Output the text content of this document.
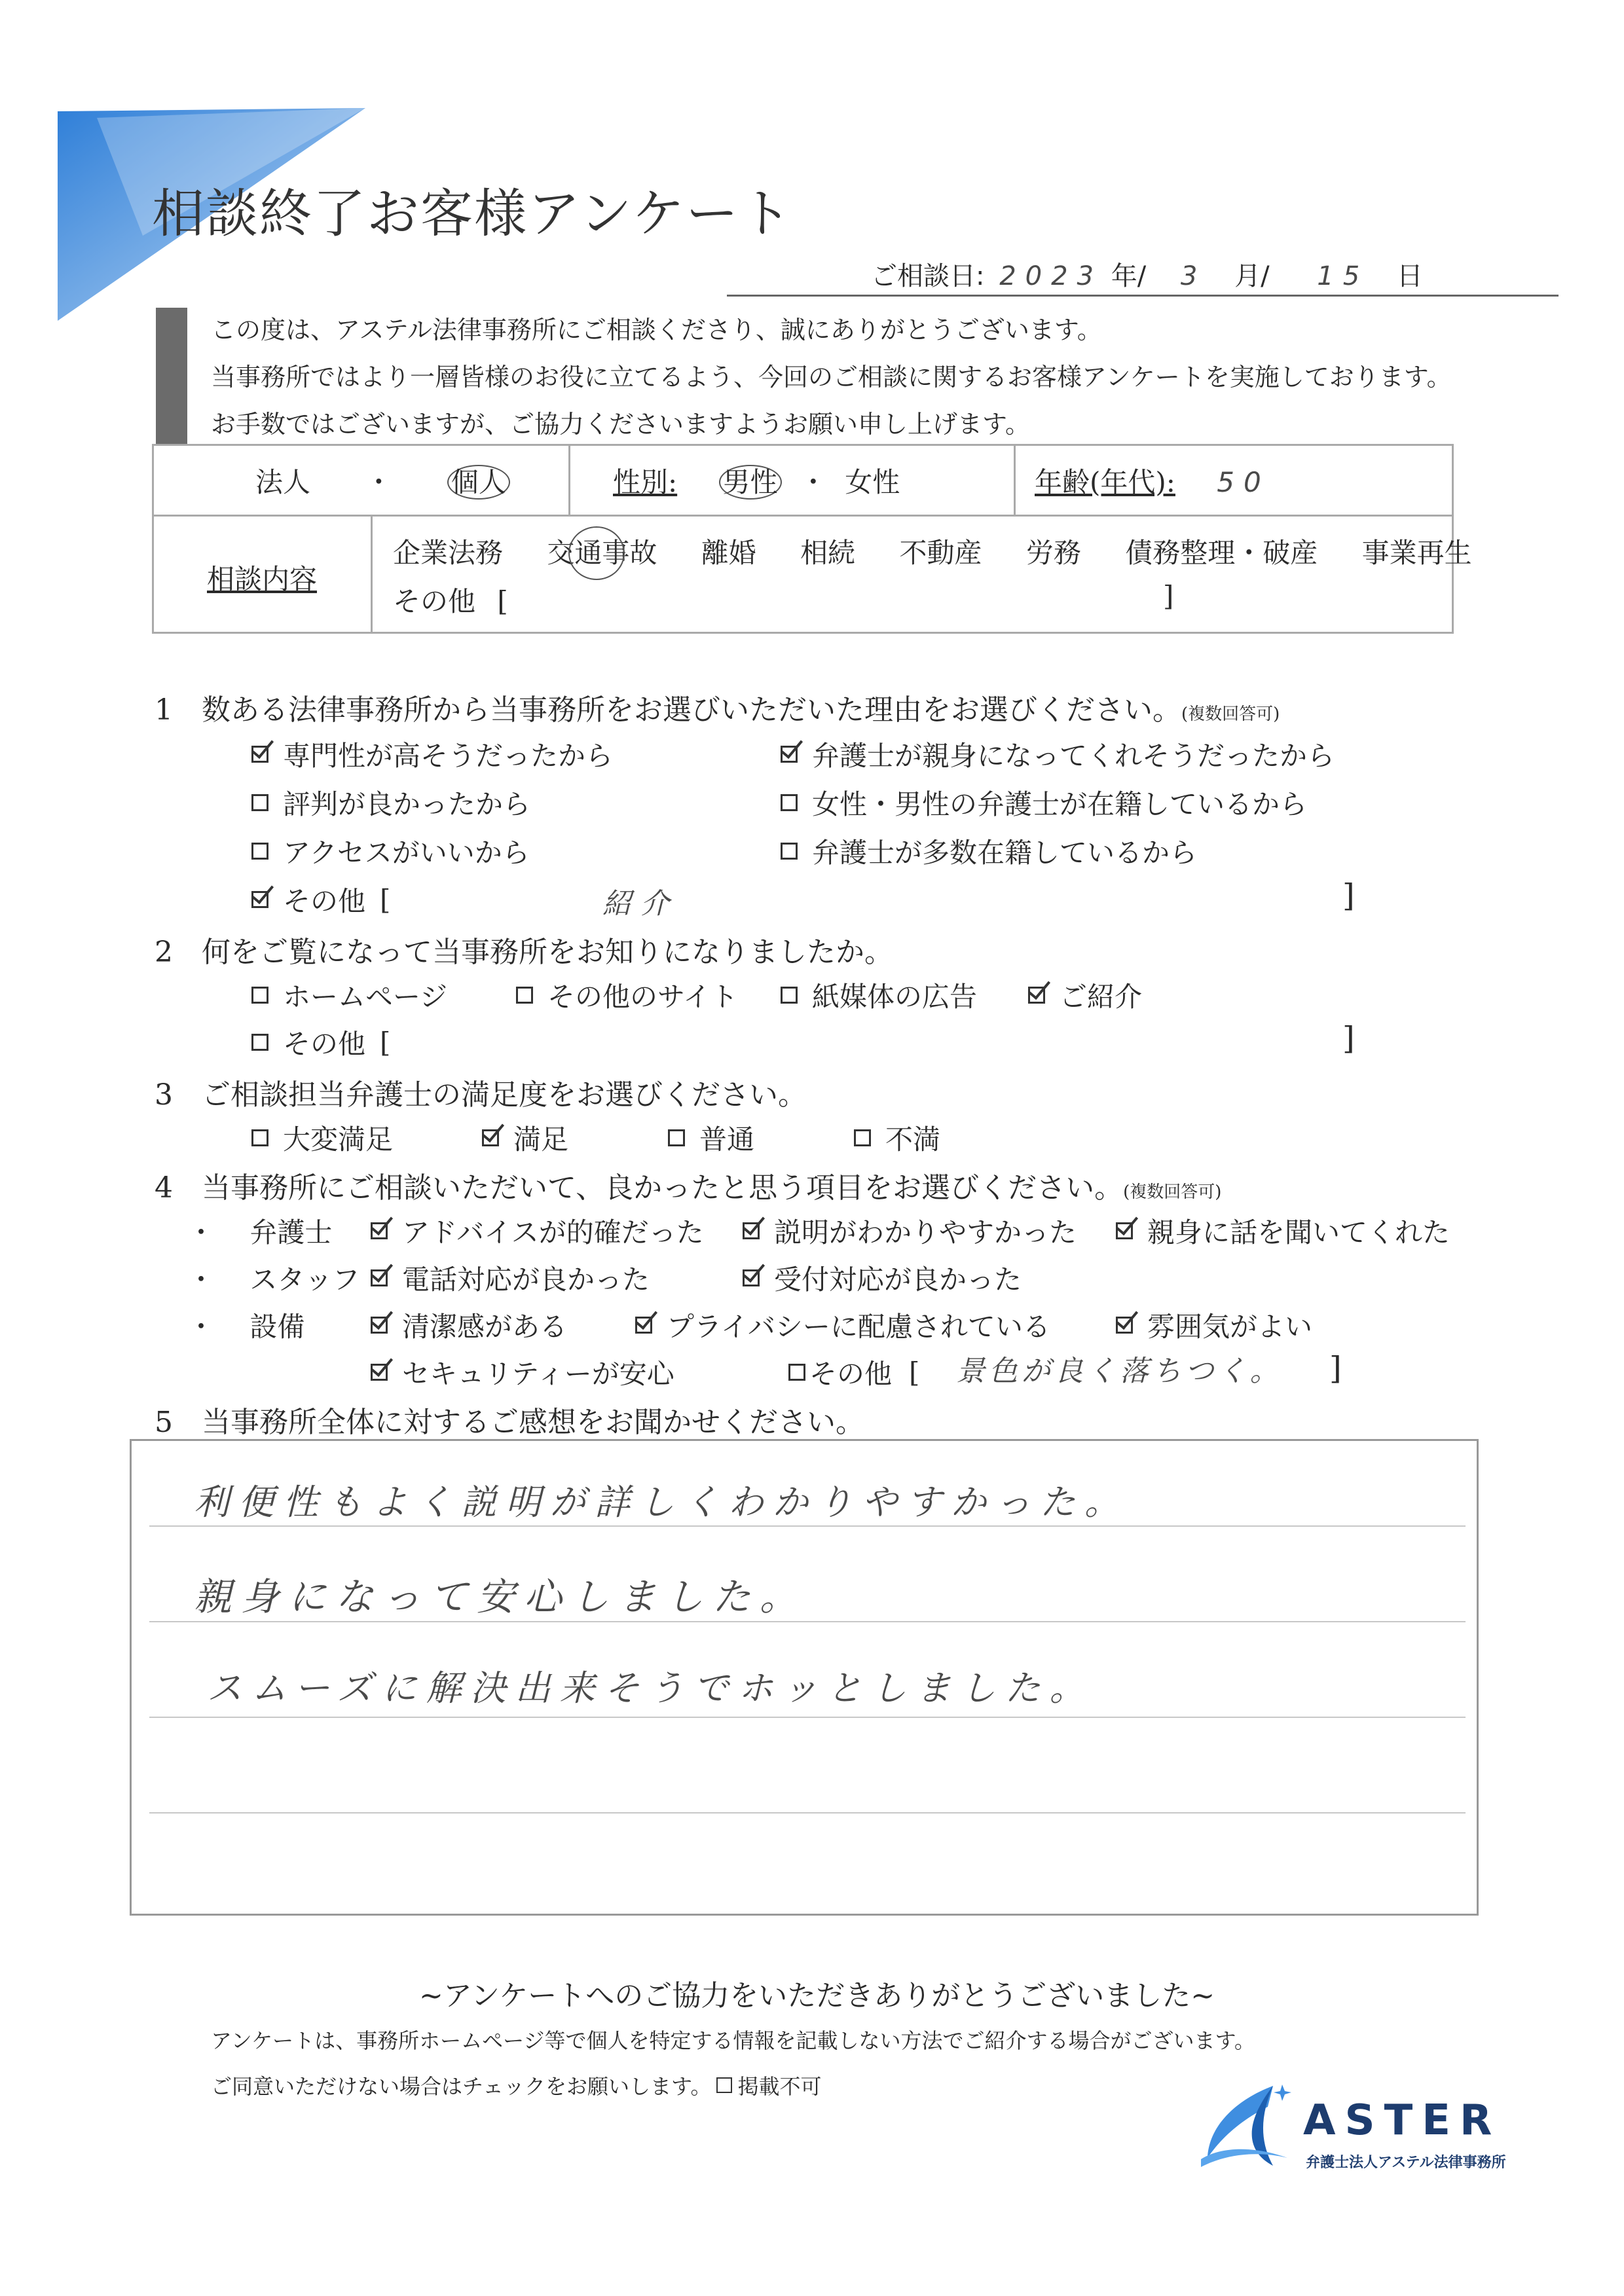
相談終了お客様アンケート
ご相談日: 2023 年/ 3 月/ 15 日
この度は、アステル法律事務所にご相談くださり、誠にありがとうございます。
当事務所ではより一層皆様のお役に立てるよう、今回のご相談に関するお客様アンケートを実施しております。
お手数ではございますが、ご協力くださいますようお願い申し上げます。
法人 ・ 個人	性別: 男性 ・ 女性	年齢(年代): 50
相談内容
企業法務 交通事故 離婚 相続 不動産 労務 債務整理・破産 事業再生
その他 [	]
1　数ある法律事務所から当事務所をお選びいただいた理由をお選びください。(複数回答可)
専門性が高そうだったから	弁護士が親身になってくれそうだったから
評判が良かったから	女性・男性の弁護士が在籍しているから
アクセスがいいから	弁護士が多数在籍しているから
その他 [	紹介	]
2　何をご覧になって当事務所をお知りになりましたか。
ホームページ	その他のサイト	紙媒体の広告	ご紹介
その他 [	]
3　ご相談担当弁護士の満足度をお選びください。
大変満足	満足	普通	不満
4　当事務所にご相談いただいて、良かったと思う項目をお選びください。(複数回答可)
・ 弁護士	アドバイスが的確だった	説明がわかりやすかった	親身に話を聞いてくれた
・ スタッフ 電話対応が良かった	受付対応が良かった
・ 設備	清潔感がある	プライバシーに配慮されている	雰囲気がよい
セキュリティーが安心	その他 [ 景色が良く落ちつく。 ]
5　当事務所全体に対するご感想をお聞かせください。
利便性もよく説明が詳しくわかりやすかった。
親身になって安心しました。
スムーズに解決出来そうでホッとしました。
~アンケートへのご協力をいただきありがとうございました~
アンケートは、事務所ホームページ等で個人を特定する情報を記載しない方法でご紹介する場合がございます。
ご同意いただけない場合はチェックをお願いします。 掲載不可
ASTER
弁護士法人アステル法律事務所
